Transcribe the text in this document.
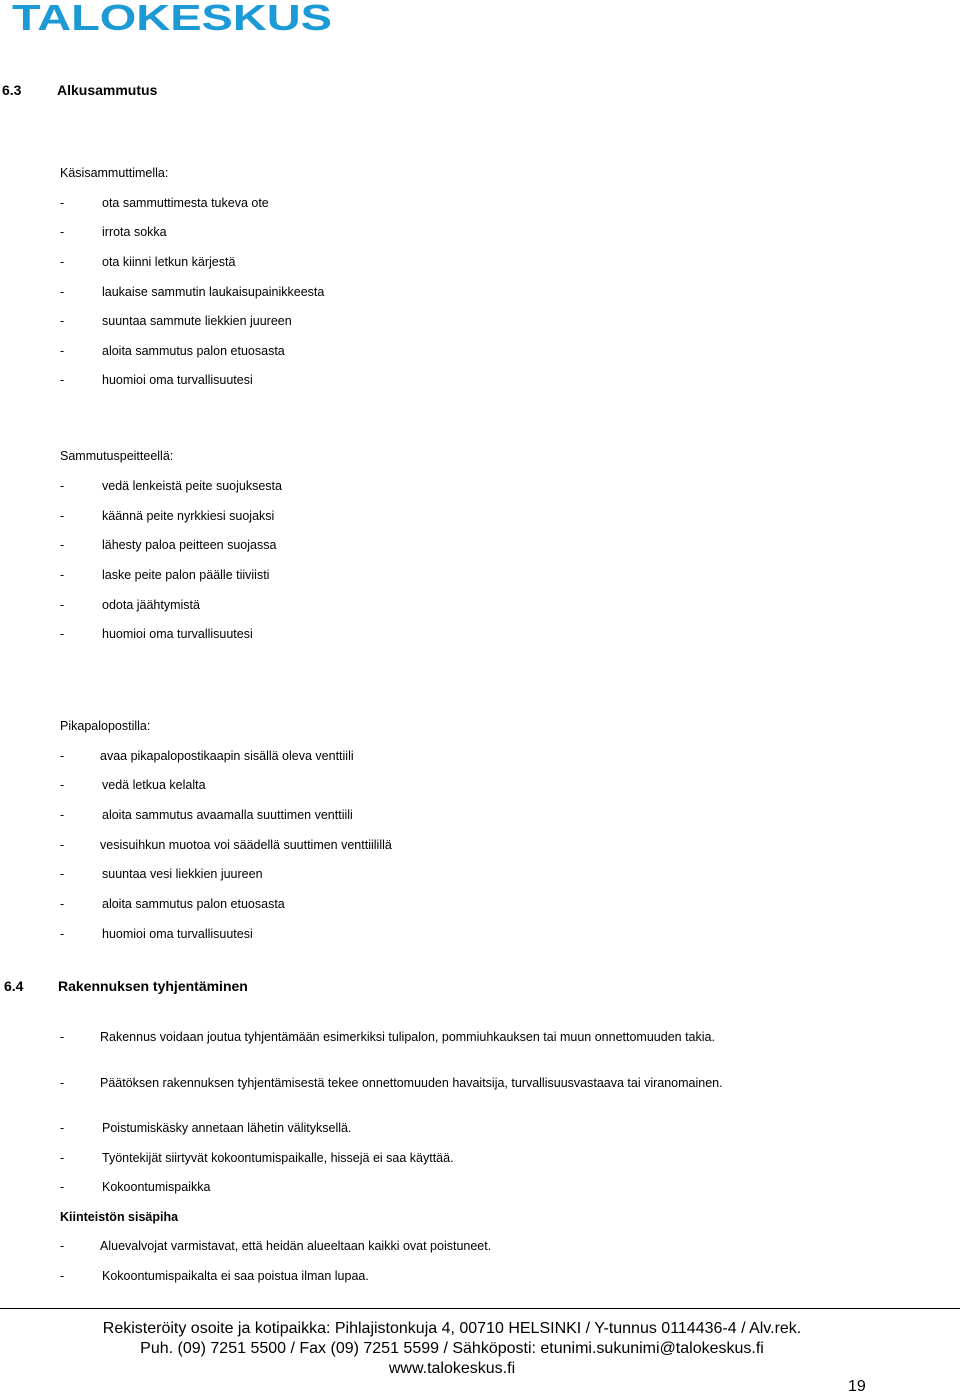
TALOKESKUS
6.3	Alkusammutus
Käsisammuttimella:
-	ota sammuttimesta tukeva ote
-	irrota sokka
-	ota kiinni letkun kärjestä
-	laukaise sammutin laukaisupainikkeesta
-	suuntaa sammute liekkien juureen
-	aloita sammutus palon etuosasta
-	huomioi oma turvallisuutesi
Sammutuspeitteellä:
-	vedä lenkeistä peite suojuksesta
-	käännä peite nyrkkiesi suojaksi
-	lähesty paloa peitteen suojassa
-	laske peite palon päälle tiiviisti
-	odota jäähtymistä
-	huomioi oma turvallisuutesi
Pikapalopostilla:
-	avaa pikapalopostikaapin sisällä oleva venttiili
-	vedä letkua kelalta
-	aloita sammutus avaamalla suuttimen venttiili
-	vesisuihkun muotoa voi säädellä suuttimen venttiilillä
-	suuntaa vesi liekkien juureen
-	aloita sammutus palon etuosasta
-	huomioi oma turvallisuutesi
6.4 Rakennuksen tyhjentäminen
-	Rakennus voidaan joutua tyhjentämään esimerkiksi tulipalon, pommiuhkauksen tai muun onnettomuuden takia.
-	Päätöksen rakennuksen tyhjentämisestä tekee onnettomuuden havaitsija, turvallisuusvastaava tai viranomainen.
-	Poistumiskäsky annetaan lähetin välityksellä.
-	Työntekijät siirtyvät kokoontumispaikalle, hissejä ei saa käyttää.
-	Kokoontumispaikka
Kiinteistön sisäpiha
-	Aluevalvojat varmistavat, että heidän alueeltaan kaikki ovat poistuneet.
-	Kokoontumispaikalta ei saa poistua ilman lupaa.
Rekisteröity osoite ja kotipaikka: Pihlajistonkuja 4, 00710 HELSINKI / Y-tunnus 0114436-4 / Alv.rek.
Puh. (09) 7251 5500 / Fax (09) 7251 5599 / Sähköposti: etunimi.sukunimi@talokeskus.fi
www.talokeskus.fi
19
